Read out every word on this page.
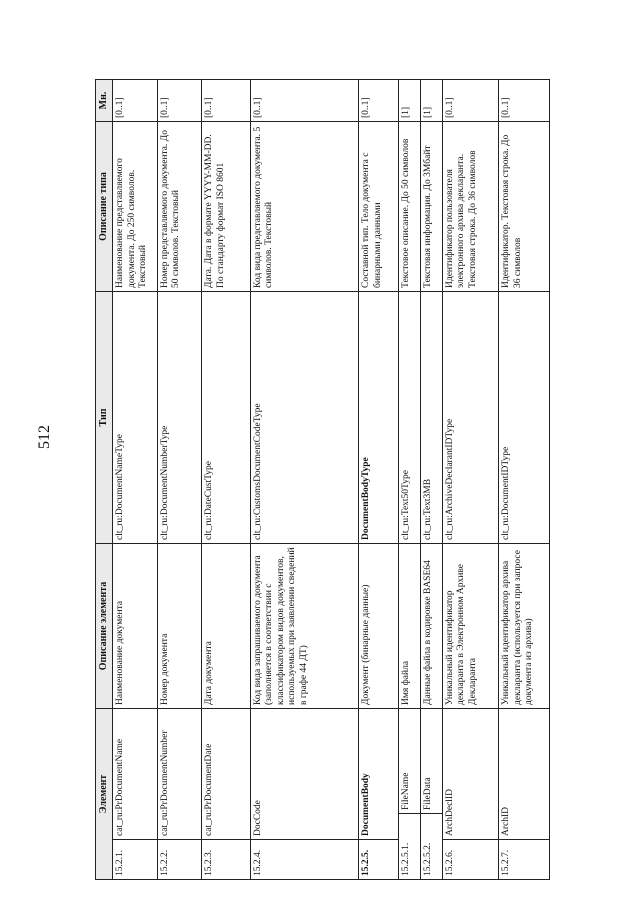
512
Элемент			Описание элемента	Тип	Описание типа	Мн.
15.2.1.	cat_ru:PrDocumentName		Наименование документа	clt_ru:DocumentNameType	Наименование представляемого документа. До 250 символов. Текстовый	[0..1]
15.2.2.	cat_ru:PrDocumentNumber		Номер документа	clt_ru:DocumentNumberType	Номер представляемого документа. До 50 символов. Текстовый	[0..1]
15.2.3.	cat_ru:PrDocumentDate		Дата документа	clt_ru:DateCustType	Дата. Дата в формате YYYY-MM-DD. По стандарту формат ISO 8601	[0..1]
15.2.4.	DocCode		Код вида запрашиваемого документа (заполняется в соответствии с классификатором видов документов, используемых при заявлении сведений в графе 44 ДТ)	clt_ru:CustomsDocumentCodeType	Код вида представляемого документа. 5 символов. Текстовый	[0..1]
15.2.5.	DocumentBody		Документ (бинарные данные)	DocumentBodyType	Составной тип. Тело документа с бинарными данными	[0..1]
15.2.5.1.		FileName	Имя файла	clt_ru:Text50Type	Текстовое описание. До 50 символов	[1]
15.2.5.2.		FileData	Данные файла в кодировке BASE64	clt_ru:Text3MB	Текстовая информация. До 3Мбайт	[1]
15.2.6.	ArchDeclID		Уникальный идентификатор декларанта в Электронном Архиве Декларанта	clt_ru:ArchiveDeclarantIDType	Идентификатор пользователя электронного архива декларанта. Текстовая строка. До 36 символов	[0..1]
15.2.7.	ArchID		Уникальный идентификатор архива декларанта (используется при запросе документа из архива)	clt_ru:DocumentIDType	Идентификатор. Текстовая строка. До 36 символов	[0..1]
